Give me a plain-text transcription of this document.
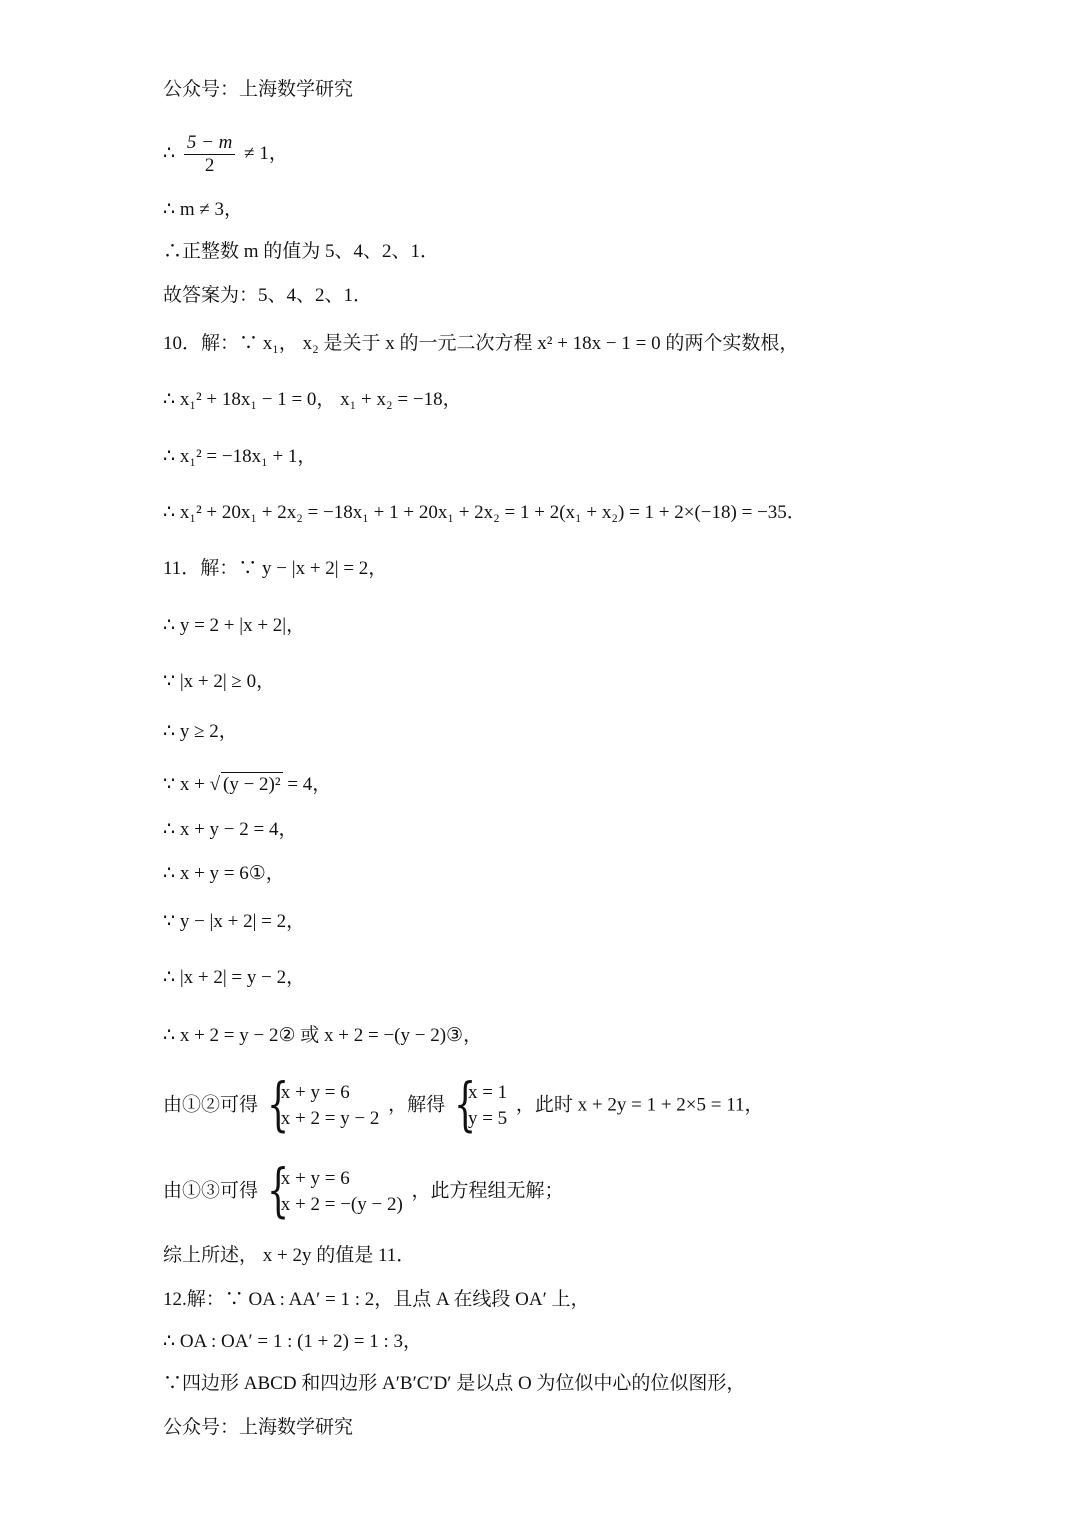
公众号：上海数学研究
∴ $\frac{5 - m}{2} \ne 1$，
∴ m ≠ 3，
∴正整数 m 的值为 5、4、2、1．
故答案为：5、4、2、1．
10．解：∵ x₁， x₂ 是关于 x 的一元二次方程 x² + 18x − 1 = 0 的两个实数根，
∴ x₁² + 18x₁ − 1 = 0， x₁ + x₂ = −18，
∴ x₁² = −18x₁ + 1，
∴ x₁² + 20x₁ + 2x₂ = −18x₁ + 1 + 20x₁ + 2x₂ = 1 + 2(x₁ + x₂) = 1 + 2×(−18) = −35．
11．解：∵ y − |x + 2| = 2，
∴ y = 2 + |x + 2|，
∵ |x + 2| ≥ 0，
∴ y ≥ 2，
∵ x + √ (y − 2)² = 4，
∴ x + y − 2 = 4，
∴ x + y = 6①，
∵ y − |x + 2| = 2，
∴ |x + 2| = y − 2，
∴ x + 2 = y − 2② 或 x + 2 = −(y − 2)③，
由①②可得 {
x + y = 6
x + 2 = y − 2
，解得 {
x = 1
y = 5
，此时 x + 2y = 1 + 2×5 = 11，
由①③可得 {
x + y = 6
x + 2 = −(y − 2)
，此方程组无解；
综上所述， x + 2y 的值是 11．
12.解：∵ OA : AA′ = 1 : 2，且点 A 在线段 OA′ 上，
∴ OA : OA′ = 1 : (1 + 2) = 1 : 3，
∵四边形 ABCD 和四边形 A′B′C′D′ 是以点 O 为位似中心的位似图形，
公众号：上海数学研究
